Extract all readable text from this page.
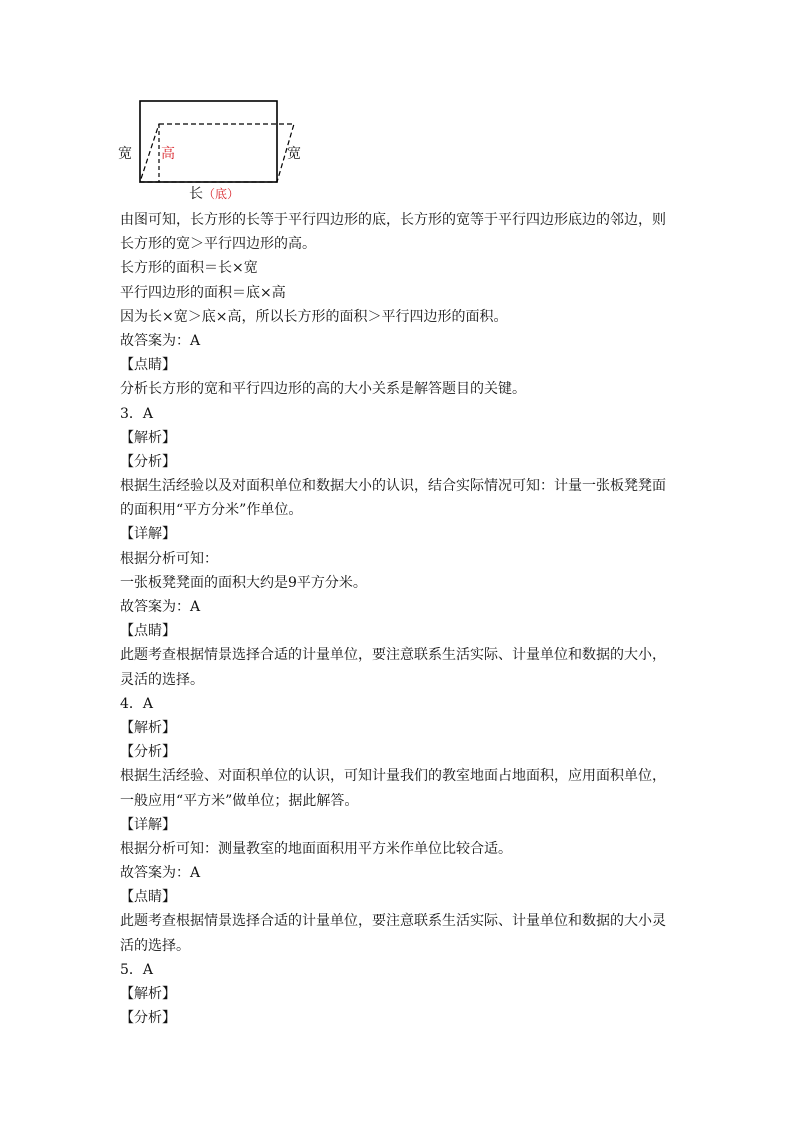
宽 高	宽
长（底）
由图可知，长方形的长等于平行四边形的底，长方形的宽等于平行四边形底边的邻边，则
长方形的宽＞平行四边形的高。
长方形的面积＝长×宽
平行四边形的面积＝底×高
因为长×宽＞底×高，所以长方形的面积＞平行四边形的面积。
故答案为：A
【点睛】
分析长方形的宽和平行四边形的高的大小关系是解答题目的关键。
3．A
【解析】
【分析】
根据生活经验以及对面积单位和数据大小的认识，结合实际情况可知：计量一张板凳凳面
的面积用“平方分米”作单位。
【详解】
根据分析可知：
一张板凳凳面的面积大约是9平方分米。
故答案为：A
【点睛】
此题考查根据情景选择合适的计量单位，要注意联系生活实际、计量单位和数据的大小，
灵活的选择。
4．A
【解析】
【分析】
根据生活经验、对面积单位的认识，可知计量我们的教室地面占地面积，应用面积单位，
一般应用“平方米”做单位；据此解答。
【详解】
根据分析可知：测量教室的地面面积用平方米作单位比较合适。
故答案为：A
【点睛】
此题考查根据情景选择合适的计量单位，要注意联系生活实际、计量单位和数据的大小灵
活的选择。
5．A
【解析】
【分析】
